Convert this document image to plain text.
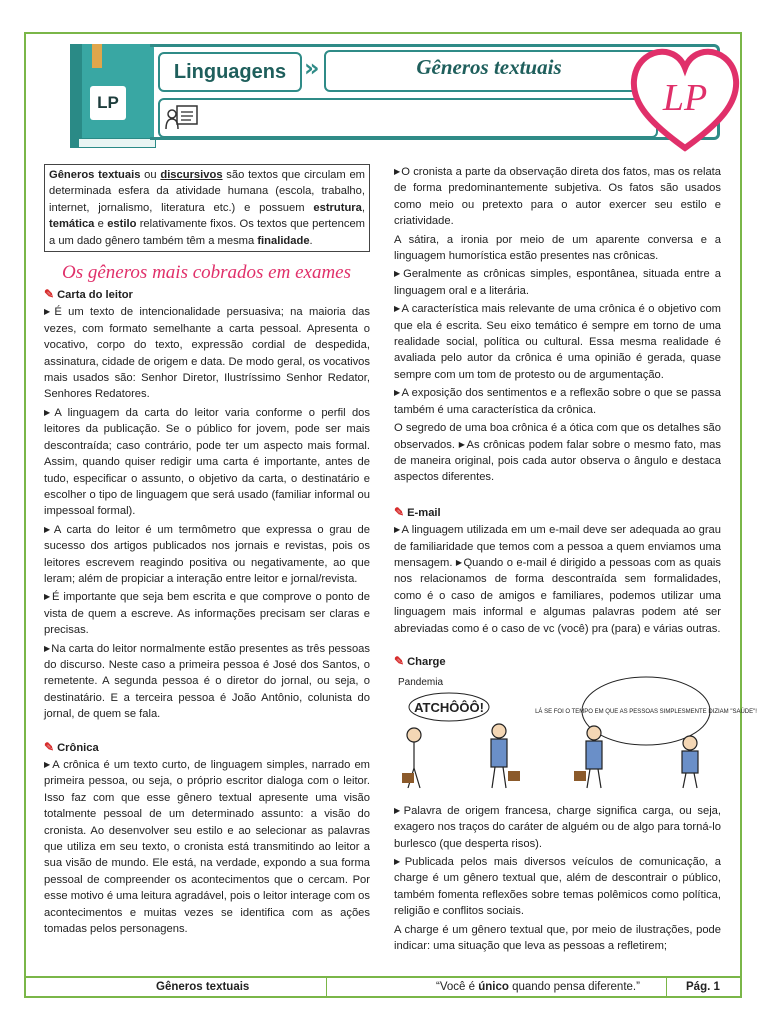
LP
Linguagens »	Gêneros textuais
LP
Gêneros textuais ou discursivos são textos que circulam em determinada esfera da atividade humana (escola, trabalho, internet, jornalismo, literatura etc.) e possuem estrutura, temática e estilo relativamente fixos. Os textos que pertencem a um dado gênero também têm a mesma finalidade.
Os gêneros mais cobrados em exames
✎ Carta do leitor

▶É um texto de intencionalidade persuasiva; na maioria das vezes, com formato semelhante a carta pessoal. Apresenta o vocativo, corpo do texto, expressão cordial de despedida, assinatura, cidade de origem e data. De modo geral, os vocativos mais usados são: Senhor Diretor, Ilustríssimo Senhor Redator, Senhores Redatores.

▶A linguagem da carta do leitor varia conforme o perfil dos leitores da publicação. Se o público for jovem, pode ser mais descontraída; caso contrário, pode ter um aspecto mais formal. Assim, quando quiser redigir uma carta é importante, antes de tudo, especificar o assunto, o objetivo da carta, o destinatário e escolher o tipo de linguagem que será usado (familiar informal ou impessoal formal).

▶A carta do leitor é um termômetro que expressa o grau de sucesso dos artigos publicados nos jornais e revistas, pois os leitores escrevem reagindo positiva ou negativamente, ao que leram; além de propiciar a interação entre leitor e jornal/revista.

▶É importante que seja bem escrita e que comprove o ponto de vista de quem a escreve. As informações precisam ser claras e precisas.

▶Na carta do leitor normalmente estão presentes as três pessoas do discurso. Neste caso a primeira pessoa é José dos Santos, o remetente. A segunda pessoa é o diretor do jornal, ou seja, o destinatário. E a terceira pessoa é João Antônio, colunista do jornal, de quem se fala.

✎ Crônica

▶A crônica é um texto curto, de linguagem simples, narrado em primeira pessoa, ou seja, o próprio escritor dialoga com o leitor. Isso faz com que esse gênero textual apresente uma visão totalmente pessoal de um determinado assunto: a visão do cronista. Ao desenvolver seu estilo e ao selecionar as palavras que utiliza em seu texto, o cronista está transmitindo ao leitor a sua visão de mundo. Ele está, na verdade, expondo a sua forma pessoal de compreender os acontecimentos que o cercam. Por esse motivo é uma leitura agradável, pois o leitor interage com os acontecimentos e muitas vezes se identifica com as ações tomadas pelos personagens.

▶O cronista a parte da observação direta dos fatos, mas os relata de forma predominantemente subjetiva. Os fatos são usados como meio ou pretexto para o autor exercer seu estilo e criatividade.

A sátira, a ironia por meio de um aparente conversa e a linguagem humorística estão presentes nas crônicas.

▶Geralmente as crônicas simples, espontânea, situada entre a linguagem oral e a literária.

▶A característica mais relevante de uma crônica é o objetivo com que ela é escrita. Seu eixo temático é sempre em torno de uma realidade social, política ou cultural. Essa mesma realidade é avaliada pelo autor da crônica é uma opinião é gerada, quase sempre com um tom de protesto ou de argumentação.

▶A exposição dos sentimentos e a reflexão sobre o que se passa também é uma característica da crônica.

O segredo de uma boa crônica é a ótica com que os detalhes são observados. ▶As crônicas podem falar sobre o mesmo fato, mas de maneira original, pois cada autor observa o ângulo e destaca aspectos diferentes.

✎ E-mail

▶A linguagem utilizada em um e-mail deve ser adequada ao grau de familiaridade que temos com a pessoa a quem enviamos uma mensagem. ▶Quando o e-mail é dirigido a pessoas com as quais nos relacionamos de forma descontraída sem formalidades, como é o caso de amigos e familiares, podemos utilizar uma linguagem mais informal e algumas palavras podem até ser abreviadas como é o caso de vc (você) pra (para) e várias outras.

✎ Charge
Pandemia
ATCHÔÔÔ!	LÁ SE FOI O TEMPO EM QUE AS PESSOAS SIMPLESMENTE DIZIAM "SAÚDE"!

▶Palavra de origem francesa, charge significa carga, ou seja, exagero nos traços do caráter de alguém ou de algo para torná-lo burlesco (que desperta risos).

▶Publicada pelos mais diversos veículos de comunicação, a charge é um gênero textual que, além de descontrair o público, também fomenta reflexões sobre temas polêmicos como política, religião e conflitos sociais.

A charge é um gênero textual que, por meio de ilustrações, pode indicar: uma situação que leva as pessoas a refletirem;

Gêneros textuais	“Você é único quando pensa diferente.”	Pág. 1
